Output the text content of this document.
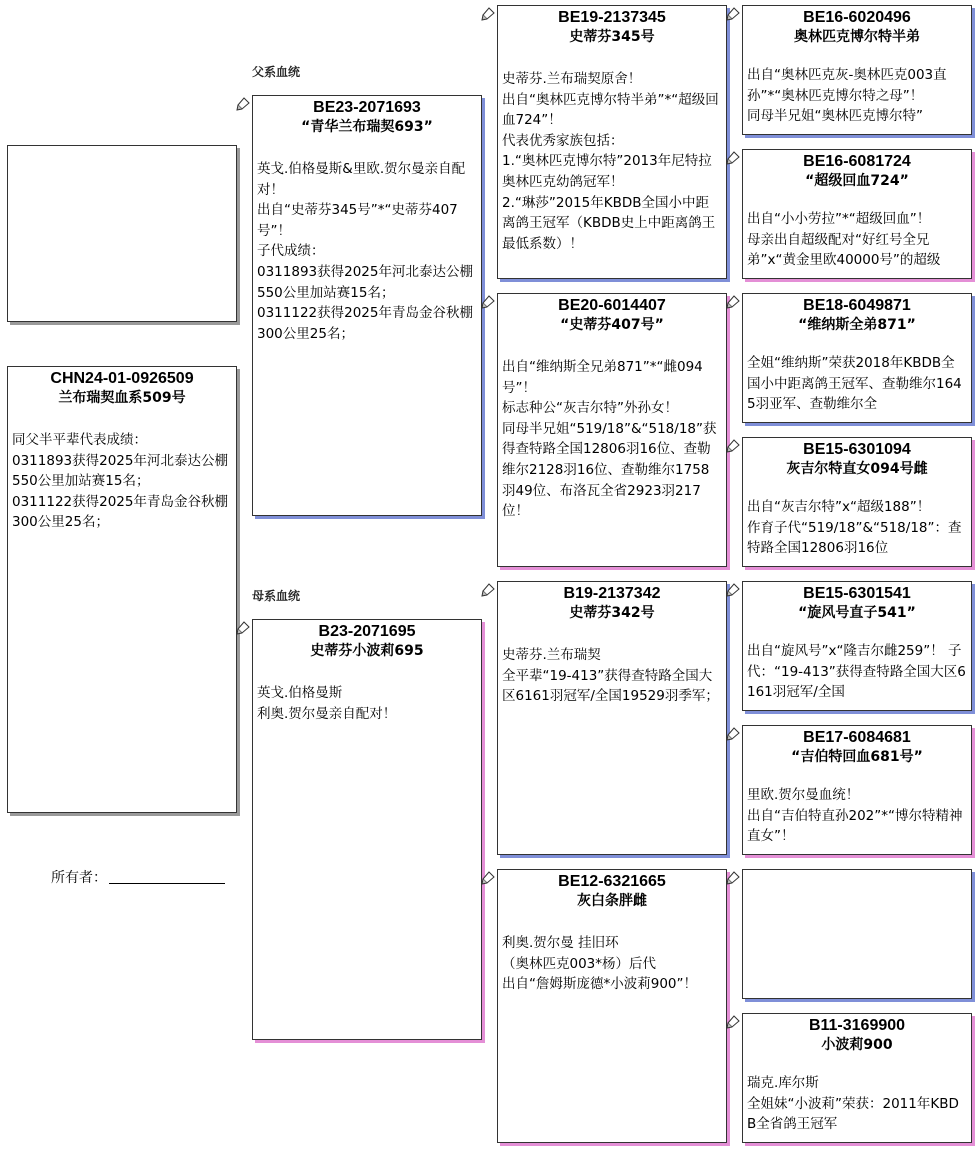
父系血统
母系血统
CHN24-01-0926509
兰布瑞契血系509号
同父半平辈代表成绩：
0311893获得2025年河北泰达公棚550公里加站赛15名；
0311122获得2025年青岛金谷秋棚300公里25名；
所有者：
BE23-2071693
“青华兰布瑞契693”
英戈.伯格曼斯&里欧.贺尔曼亲自配对！
出自“史蒂芬345号”*“史蒂芬407号”！
子代成绩：
0311893获得2025年河北泰达公棚550公里加站赛15名；
0311122获得2025年青岛金谷秋棚300公里25名；
B23-2071695
史蒂芬小波莉695
英戈.伯格曼斯
利奥.贺尔曼亲自配对！
BE19-2137345
史蒂芬345号
史蒂芬.兰布瑞契原舍！
出自“奥林匹克博尔特半弟”*“超级回血724”！
代表优秀家族包括：
1.“奥林匹克博尔特”2013年尼特拉奥林匹克幼鸽冠军！
2.“琳莎”2015年KBDB全国小中距离鸽王冠军（KBDB史上中距离鸽王最低系数）！
BE20-6014407
“史蒂芬407号”
出自“维纳斯全兄弟871”*“雌094号”！
标志种公“灰吉尔特”外孙女！
同母半兄姐“519/18”&“518/18”获得查特路全国12806羽16位、查勒维尔2128羽16位、查勒维尔1758羽49位、布洛瓦全省2923羽217位！
B19-2137342
史蒂芬342号
史蒂芬.兰布瑞契
全平辈“19-413”获得查特路全国大区6161羽冠军/全国19529羽季军；
BE12-6321665
灰白条胖雌
利奥.贺尔曼 挂旧环
（奥林匹克003*杨）后代
出自“詹姆斯庞德*小波莉900”！
BE16-6020496
奥林匹克博尔特半弟
出自“奥林匹克灰-奥林匹克003直孙”*“奥林匹克博尔特之母”！
同母半兄姐“奥林匹克博尔特”
BE16-6081724
“超级回血724”
出自“小小劳拉”*“超级回血”！
母亲出自超级配对“好红号全兄弟”x“黄金里欧40000号”的超级
BE18-6049871
“维纳斯全弟871”
全姐“维纳斯”荣获2018年KBDB全国小中距离鸽王冠军、查勒维尔1645羽亚军、查勒维尔全
BE15-6301094
灰吉尔特直女094号雌
出自“灰吉尔特”x“超级188”！
作育子代“519/18”&“518/18”：查特路全国12806羽16位
BE15-6301541
“旋风号直子541”
出自“旋风号”x“隆吉尔雌259”！ 子代：“19-413”获得查特路全国大区6161羽冠军/全国
BE17-6084681
“吉伯特回血681号”
里欧.贺尔曼血统！
出自“吉伯特直孙202”*“博尔特精神直女”！
B11-3169900
小波莉900
瑞克.库尔斯
全姐妹“小波莉”荣获：2011年KBDB全省鸽王冠军
